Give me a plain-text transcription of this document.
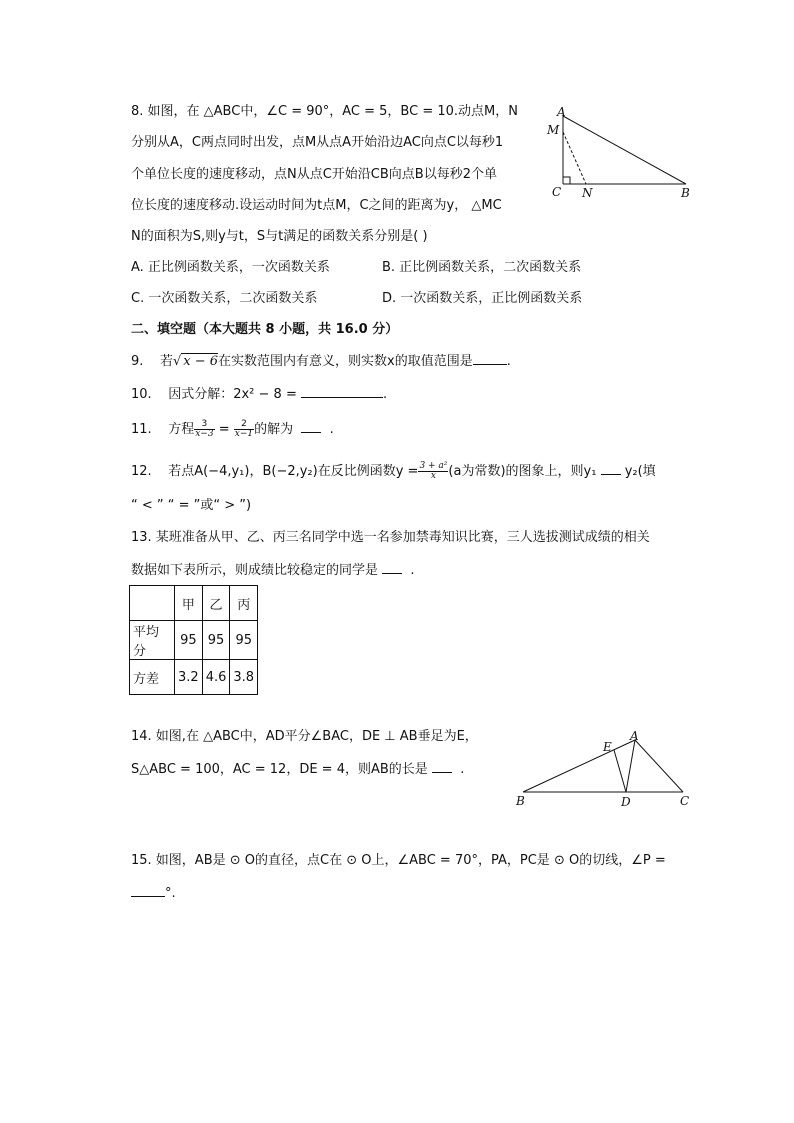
8. 如图，在 △ABC中，∠C = 90°，AC = 5，BC = 10.动点M，N
分别从A，C两点同时出发，点M从点A开始沿边AC向点C以每秒1
个单位长度的速度移动，点N从点C开始沿CB向点B以每秒2个单
位长度的速度移动.设运动时间为t点M，C之间的距离为y， △MC
N的面积为S,则y与t，S与t满足的函数关系分别是( )
A
M
C N	B
A. 正比例函数关系，一次函数关系	B. 正比例函数关系，二次函数关系
C. 一次函数关系，二次函数关系	D. 一次函数关系，正比例函数关系
二、填空题（本大题共 8 小题，共 16.0 分）
9. 若√ x − 6在实数范围内有意义，则实数x的取值范围是	.
10. 因式分解：2x² − 8 =	.
11. 方程 $\frac{3}{x-3} = \frac{2}{x-1}$ 的解为	.
12. 若点A(−4,y₁)，B(−2,y₂)在反比例函数$y = \frac{\text{3 + a²}}{x} (a$为常数)的图象上，则y₁ y₂(填
“ < ” “ = ”或“ > ”)
13. 某班准备从甲、乙、丙三名同学中选一名参加禁毒知识比赛，三人选拔测试成绩的相关
数据如下表所示，则成绩比较稳定的同学是 .
	甲	乙	丙
平均分	95	95	95
方差	3.2	4.6	3.8
14. 如图,在 △ABC中，AD平分∠BAC，DE ⊥ AB垂足为E，
S△ABC = 100，AC = 12，DE = 4，则AB的长是 .
E
A
B	D	C
15. 如图，AB是 ⊙ O的直径，点C在 ⊙ O上，∠ABC = 70°，PA，PC是 ⊙ O的切线，∠P =
°.
